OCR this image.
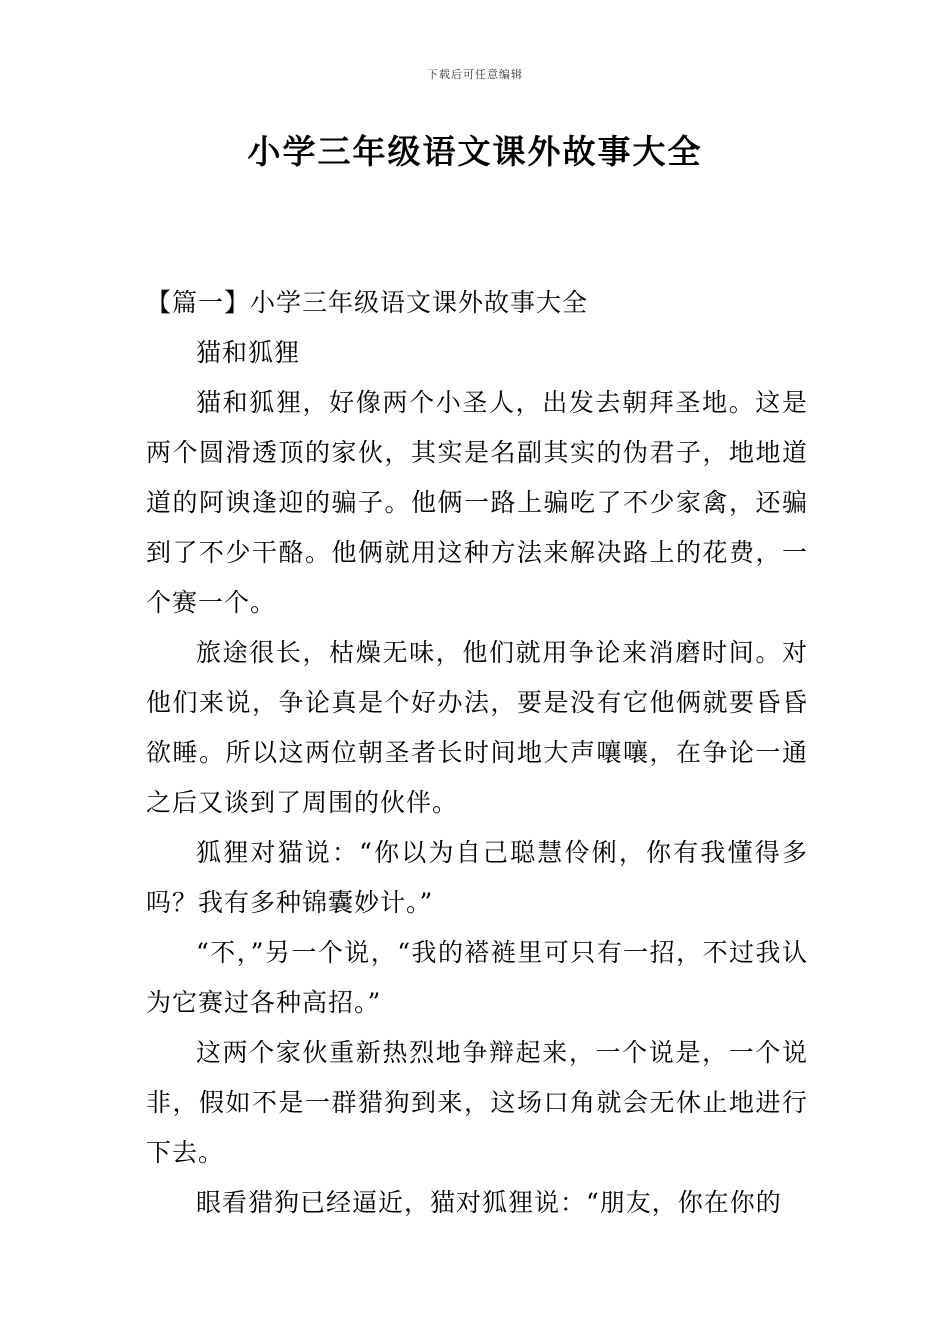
下载后可任意编辑
小学三年级语文课外故事大全

【篇一】小学三年级语文课外故事大全

猫和狐狸

猫和狐狸，好像两个小圣人，出发去朝拜圣地。这是两个圆滑透顶的家伙，其实是名副其实的伪君子，地地道道的阿谀逢迎的骗子。他俩一路上骗吃了不少家禽，还骗到了不少干酪。他俩就用这种方法来解决路上的花费，一个赛一个。

旅途很长，枯燥无味，他们就用争论来消磨时间。对他们来说，争论真是个好办法，要是没有它他俩就要昏昏欲睡。所以这两位朝圣者长时间地大声嚷嚷，在争论一通之后又谈到了周围的伙伴。

狐狸对猫说：“你以为自己聪慧伶俐，你有我懂得多吗？我有多种锦囊妙计。”

“不，”另一个说，“我的褡裢里可只有一招，不过我认为它赛过各种高招。”

这两个家伙重新热烈地争辩起来，一个说是，一个说非，假如不是一群猎狗到来，这场口角就会无休止地进行下去。

眼看猎狗已经逼近，猫对狐狸说：“朋友，你在你的
